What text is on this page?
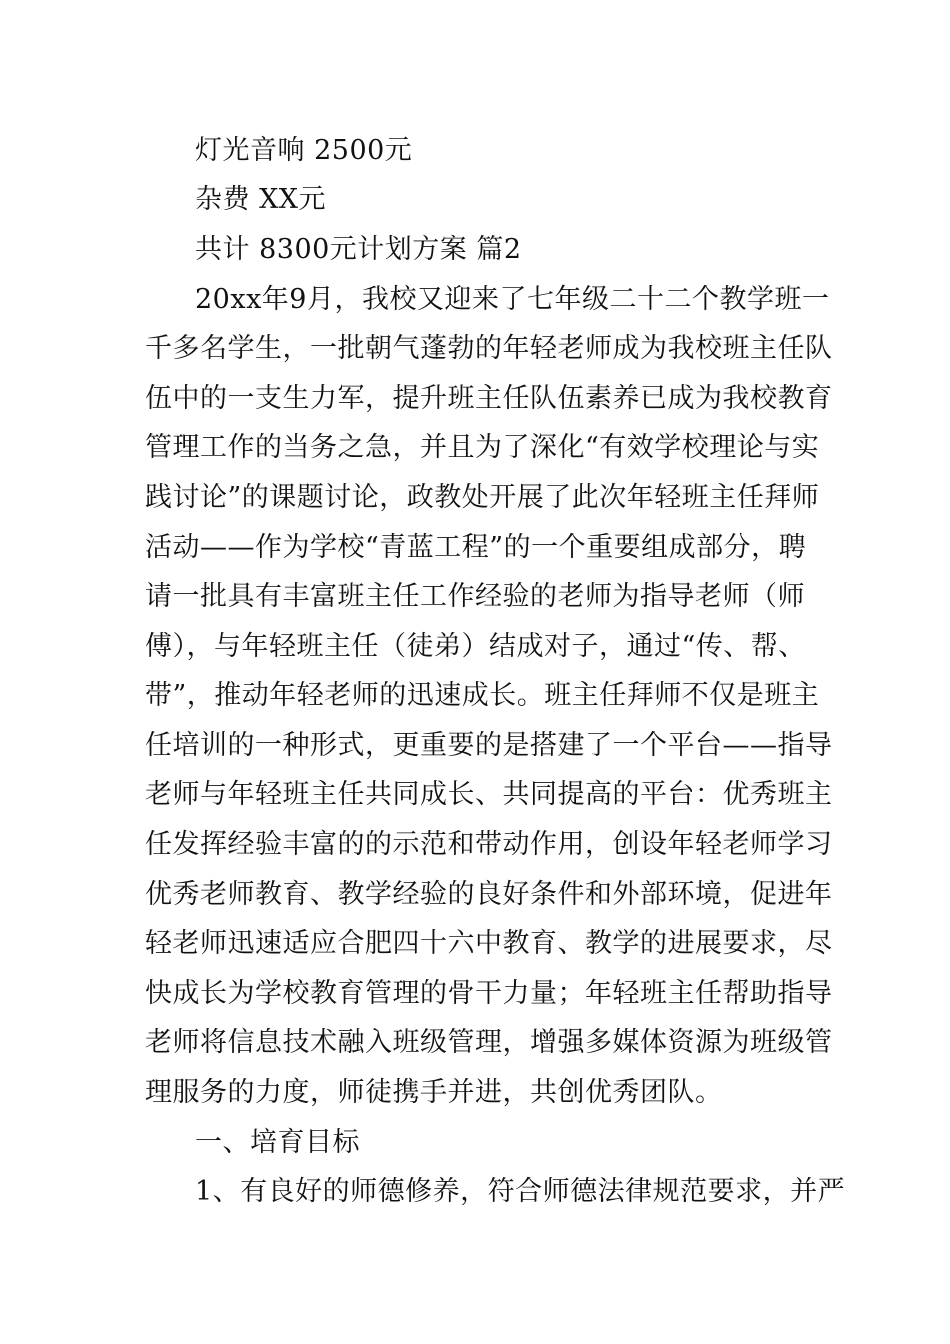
灯光音响 2500元
杂费 XX元
共计 8300元计划方案 篇2
20xx年9月，我校又迎来了七年级二十二个教学班一
千多名学生，一批朝气蓬勃的年轻老师成为我校班主任队
伍中的一支生力军，提升班主任队伍素养已成为我校教育
管理工作的当务之急，并且为了深化“有效学校理论与实
践讨论”的课题讨论，政教处开展了此次年轻班主任拜师
活动——作为学校“青蓝工程”的一个重要组成部分，聘
请一批具有丰富班主任工作经验的老师为指导老师（师
傅），与年轻班主任（徒弟）结成对子，通过“传、帮、
带”，推动年轻老师的迅速成长。班主任拜师不仅是班主
任培训的一种形式，更重要的是搭建了一个平台——指导
老师与年轻班主任共同成长、共同提高的平台：优秀班主
任发挥经验丰富的的示范和带动作用，创设年轻老师学习
优秀老师教育、教学经验的良好条件和外部环境，促进年
轻老师迅速适应合肥四十六中教育、教学的进展要求，尽
快成长为学校教育管理的骨干力量；年轻班主任帮助指导
老师将信息技术融入班级管理，增强多媒体资源为班级管
理服务的力度，师徒携手并进，共创优秀团队。
一、培育目标
1、有良好的师德修养，符合师德法律规范要求，并严
